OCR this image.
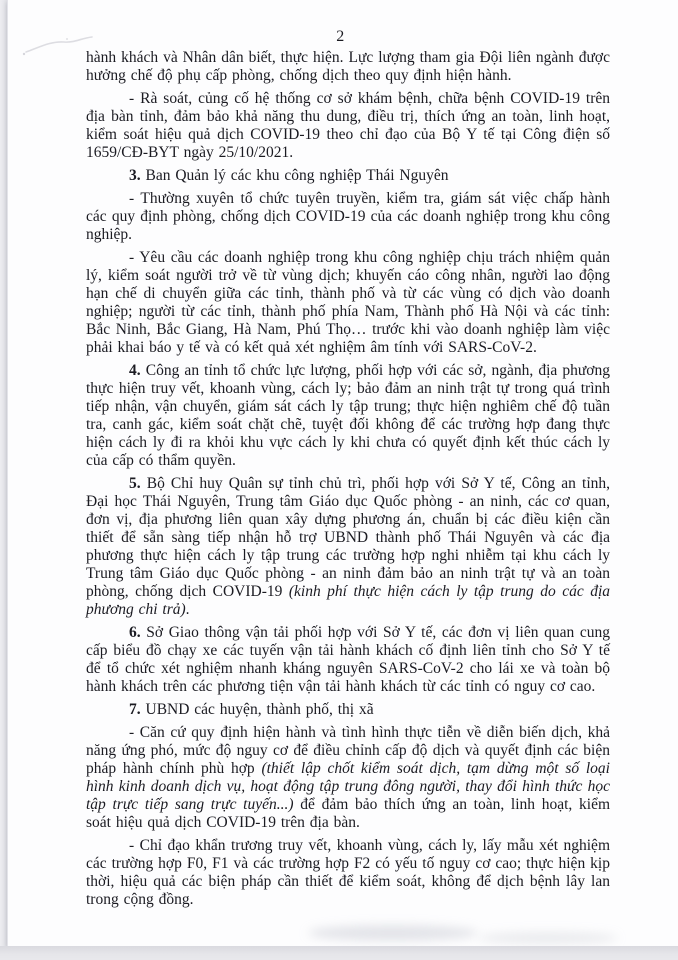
2

hành khách và Nhân dân biết, thực hiện. Lực lượng tham gia Đội liên ngành được hưởng chế độ phụ cấp phòng, chống dịch theo quy định hiện hành.

- Rà soát, củng cố hệ thống cơ sở khám bệnh, chữa bệnh COVID-19 trên địa bàn tỉnh, đảm bảo khả năng thu dung, điều trị, thích ứng an toàn, linh hoạt, kiểm soát hiệu quả dịch COVID-19 theo chỉ đạo của Bộ Y tế tại Công điện số 1659/CĐ-BYT ngày 25/10/2021.

3. Ban Quản lý các khu công nghiệp Thái Nguyên

- Thường xuyên tổ chức tuyên truyền, kiểm tra, giám sát việc chấp hành các quy định phòng, chống dịch COVID-19 của các doanh nghiệp trong khu công nghiệp.

- Yêu cầu các doanh nghiệp trong khu công nghiệp chịu trách nhiệm quản lý, kiểm soát người trở về từ vùng dịch; khuyến cáo công nhân, người lao động hạn chế di chuyển giữa các tỉnh, thành phố và từ các vùng có dịch vào doanh nghiệp; người từ các tỉnh, thành phố phía Nam, Thành phố Hà Nội và các tỉnh: Bắc Ninh, Bắc Giang, Hà Nam, Phú Thọ… trước khi vào doanh nghiệp làm việc phải khai báo y tế và có kết quả xét nghiệm âm tính với SARS-CoV-2.

4. Công an tỉnh tổ chức lực lượng, phối hợp với các sở, ngành, địa phương thực hiện truy vết, khoanh vùng, cách ly; bảo đảm an ninh trật tự trong quá trình tiếp nhận, vận chuyển, giám sát cách ly tập trung; thực hiện nghiêm chế độ tuần tra, canh gác, kiểm soát chặt chẽ, tuyệt đối không để các trường hợp đang thực hiện cách ly đi ra khỏi khu vực cách ly khi chưa có quyết định kết thúc cách ly của cấp có thẩm quyền.

5. Bộ Chỉ huy Quân sự tỉnh chủ trì, phối hợp với Sở Y tế, Công an tỉnh, Đại học Thái Nguyên, Trung tâm Giáo dục Quốc phòng - an ninh, các cơ quan, đơn vị, địa phương liên quan xây dựng phương án, chuẩn bị các điều kiện cần thiết để sẵn sàng tiếp nhận hỗ trợ UBND thành phố Thái Nguyên và các địa phương thực hiện cách ly tập trung các trường hợp nghi nhiễm tại khu cách ly Trung tâm Giáo dục Quốc phòng - an ninh đảm bảo an ninh trật tự và an toàn phòng, chống dịch COVID-19 (kinh phí thực hiện cách ly tập trung do các địa phương chi trả).

6. Sở Giao thông vận tải phối hợp với Sở Y tế, các đơn vị liên quan cung cấp biểu đồ chạy xe các tuyến vận tải hành khách cố định liên tỉnh cho Sở Y tế để tổ chức xét nghiệm nhanh kháng nguyên SARS-CoV-2 cho lái xe và toàn bộ hành khách trên các phương tiện vận tải hành khách từ các tỉnh có nguy cơ cao.

7. UBND các huyện, thành phố, thị xã

- Căn cứ quy định hiện hành và tình hình thực tiễn về diễn biến dịch, khả năng ứng phó, mức độ nguy cơ để điều chỉnh cấp độ dịch và quyết định các biện pháp hành chính phù hợp (thiết lập chốt kiểm soát dịch, tạm dừng một số loại hình kinh doanh dịch vụ, hoạt động tập trung đông người, thay đổi hình thức học tập trực tiếp sang trực tuyến...) để đảm bảo thích ứng an toàn, linh hoạt, kiểm soát hiệu quả dịch COVID-19 trên địa bàn.

- Chỉ đạo khẩn trương truy vết, khoanh vùng, cách ly, lấy mẫu xét nghiệm các trường hợp F0, F1 và các trường hợp F2 có yếu tố nguy cơ cao; thực hiện kịp thời, hiệu quả các biện pháp cần thiết để kiểm soát, không để dịch bệnh lây lan trong cộng đồng.
